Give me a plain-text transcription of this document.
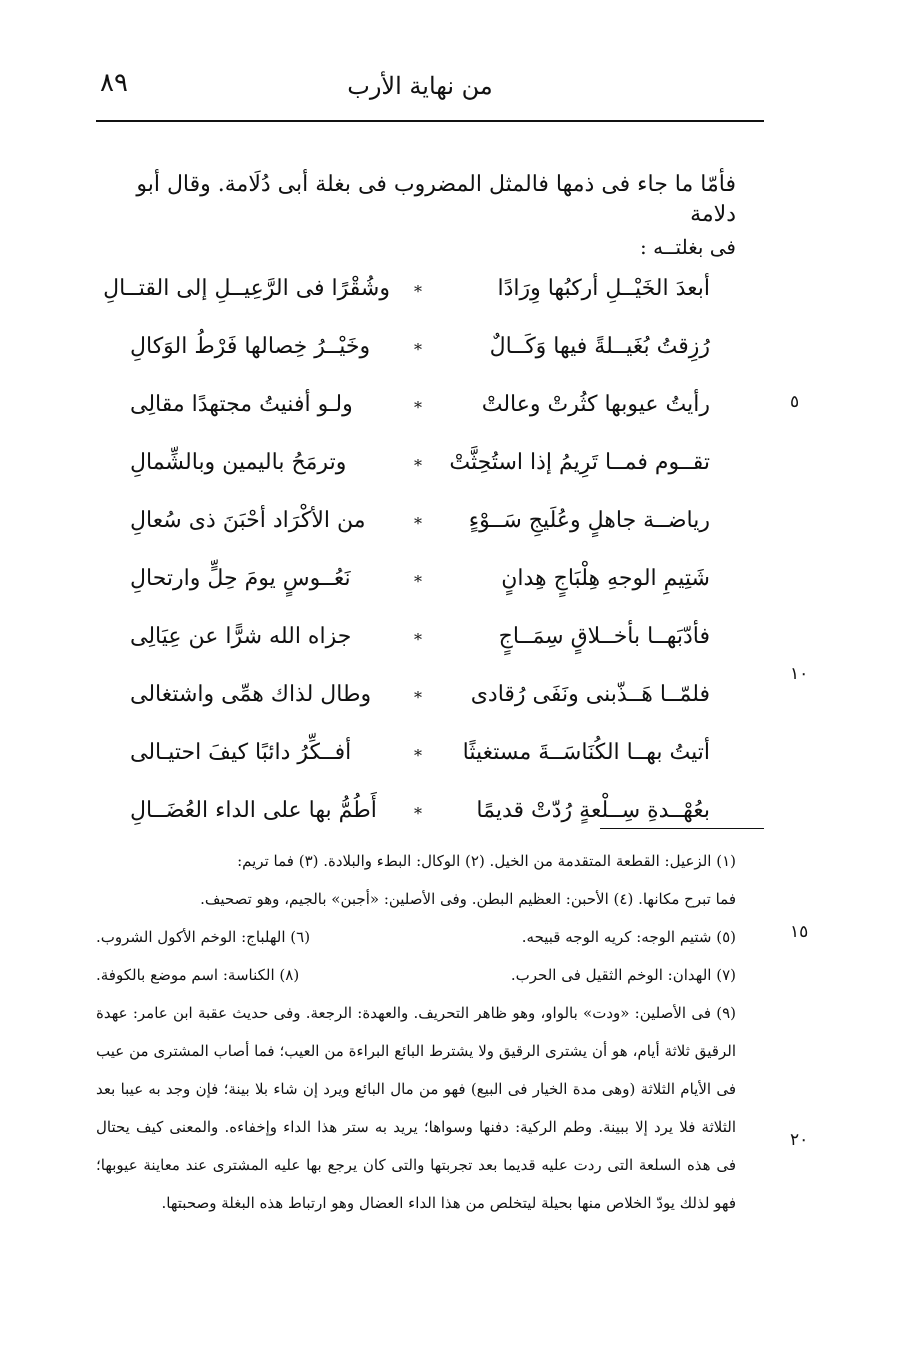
٨٩	من نهاية الأرب
فأمّا ما جاء فى ذمها فالمثل المضروب فى بغلة أبى دُلَامة. وقال أبو دلامة
فى بغلتــه :
أبعدَ الخَيْــلِ أركبُها وِرَادًا
*
وشُقْرًا فى الرَّعِيــلِ إلى القتــالِ
رُزِقتُ بُغَيــلةً فيها وَكَــالٌ
*
وخَيْــرُ خِصالها فَرْطُ الوَكالِ
رأيتُ عيوبها كثُرتْ وعالتْ
*
ولـو أفنيتُ مجتهدًا مقالِى
تقــوم فمــا تَرِيمُ إذا استُحِثَّتْ
*
وترمَحُ باليمين وبالشِّمالِ
رياضــة جاهلٍ وعُلَيجِ سَــوْءٍ
*
من الأكْرَاد أحْبَنَ ذى سُعالِ
شَتِيمِ الوجهِ هِلْبَاجٍ هِدانٍ
*
نَعُــوسٍ يومَ حِلٍّ وارتحالِ
فأدّبَهــا بأخــلاقٍ سِمَــاجٍ
*
جزاه الله شرًّا عن عِيَالِى
فلمّــا هَــذّبنى ونَفَى رُقادى
*
وطال لذاك همِّى واشتغالى
أتيتُ بهــا الكُنَاسَــةَ مستغيثًا
*
أفــكِّرُ دائبًا كيفَ احتيـالى
بعُهْــدةِ سِــلْعةٍ رُدّتْ قديمًا
*
أَطُمُّ بها على الداء العُضَــالِ
٥
١٠
١٥
٢٠
(١) الزعيل: القطعة المتقدمة من الخيل. (٢) الوكال: البطء والبلادة. (٣) فما تريم:
فما تبرح مكانها. (٤) الأحبن: العظيم البطن. وفى الأصلين: «أجبن» بالجيم، وهو تصحيف.
(٥) شتيم الوجه: كريه الوجه قبيحه.
(٦) الهلباج: الوخم الأكول الشروب.
(٧) الهدان: الوخم الثقيل فى الحرب.
(٨) الكناسة: اسم موضع بالكوفة.
(٩) فى الأصلين: «ودت» بالواو، وهو ظاهر التحريف. والعهدة: الرجعة. وفى حديث عقبة ابن عامر: عهدة الرقيق ثلاثة أيام، هو أن يشترى الرقيق ولا يشترط البائع البراءة من العيب؛ فما أصاب المشترى من عيب فى الأيام الثلاثة (وهى مدة الخيار فى البيع) فهو من مال البائع ويرد إن شاء بلا بينة؛ فإن وجد به عيبا بعد الثلاثة فلا يرد إلا ببينة. وطم الركية: دفنها وسواها؛ يريد به ستر هذا الداء وإخفاءه. والمعنى كيف يحتال فى هذه السلعة التى ردت عليه قديما بعد تجربتها والتى كان يرجع بها عليه المشترى عند معاينة عيوبها؛ فهو لذلك يودّ الخلاص منها بحيلة ليتخلص من هذا الداء العضال وهو ارتباط هذه البغلة وصحبتها.
